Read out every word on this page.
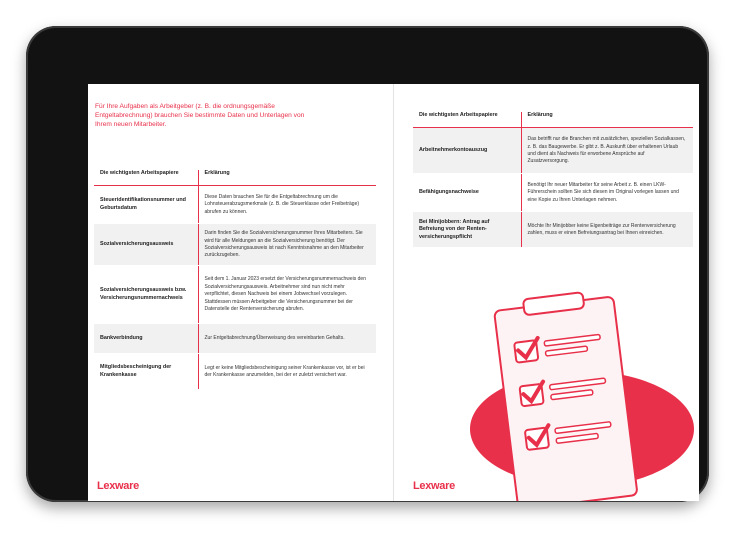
Für Ihre Aufgaben als Arbeitgeber (z. B. die ordnungsgemäße Entgeltabrechnung) brauchen Sie bestimmte Daten und Unterlagen von Ihrem neuen Mitarbeiter.

Die wichtigsten Arbeitspapiere	Erklärung
Steueridentifikationsnummer und Geburtsdatum	Diese Daten brauchen Sie für die Entgeltabrechnung um die Lohnsteuerabzugsmerkmale (z. B. die Steuerklasse oder Freibeträge) abrufen zu können.
Sozialversicherungsausweis	Darin finden Sie die Sozialversicherungsnummer Ihres Mitarbeiters. Sie wird für alle Meldungen an die Sozialversicherung benötigt. Der Sozialversicherungsausweis ist nach Kenntnisnahme an den Mitarbeiter zurückzugeben.
Sozialversicherungsausweis bzw. Versicherungsnummernachweis	Seit dem 1. Januar 2023 ersetzt der Versicherungsnummernachweis den Sozialversicherungsausweis. Arbeitnehmer sind nun nicht mehr verpflichtet, diesen Nachweis bei einem Jobwechsel vorzulegen. Stattdessen müssen Arbeitgeber die Versicherungsnummer bei der Datenstelle der Rentenversicherung abrufen.
Bankverbindung	Zur Entgeltabrechnung/Überweisung des vereinbarten Gehalts.
Mitgliedsbescheinigung der Krankenkasse	Legt er keine Mitgliedsbescheinigung seiner Krankenkasse vor, ist er bei der Krankenkasse anzumelden, bei der er zuletzt versichert war.
Lexware
Die wichtigsten Arbeitspapiere	Erklärung
Arbeitnehmerkontoauszug	Das betrifft nur die Branchen mit zusätzlichen, speziellen Sozialkassen, z. B. das Baugewerbe. Er gibt z. B. Auskunft über erhaltenen Urlaub und dient als Nachweis für erworbene Ansprüche auf Zusatzversorgung.
Befähigungsnachweise	Benötigt Ihr neuer Mitarbeiter für seine Arbeit z. B. einen LKW-Führerschein sollten Sie sich diesen im Original vorlegen lassen und eine Kopie zu Ihren Unterlagen nehmen.
Bei Minijobbern: Antrag auf Befreiung von der Rentenversicherungspflicht	Möchte Ihr Minijobber keine Eigenbeiträge zur Rentenversicherung zahlen, muss er einen Befreiungsantrag bei Ihnen einreichen.
Lexware
